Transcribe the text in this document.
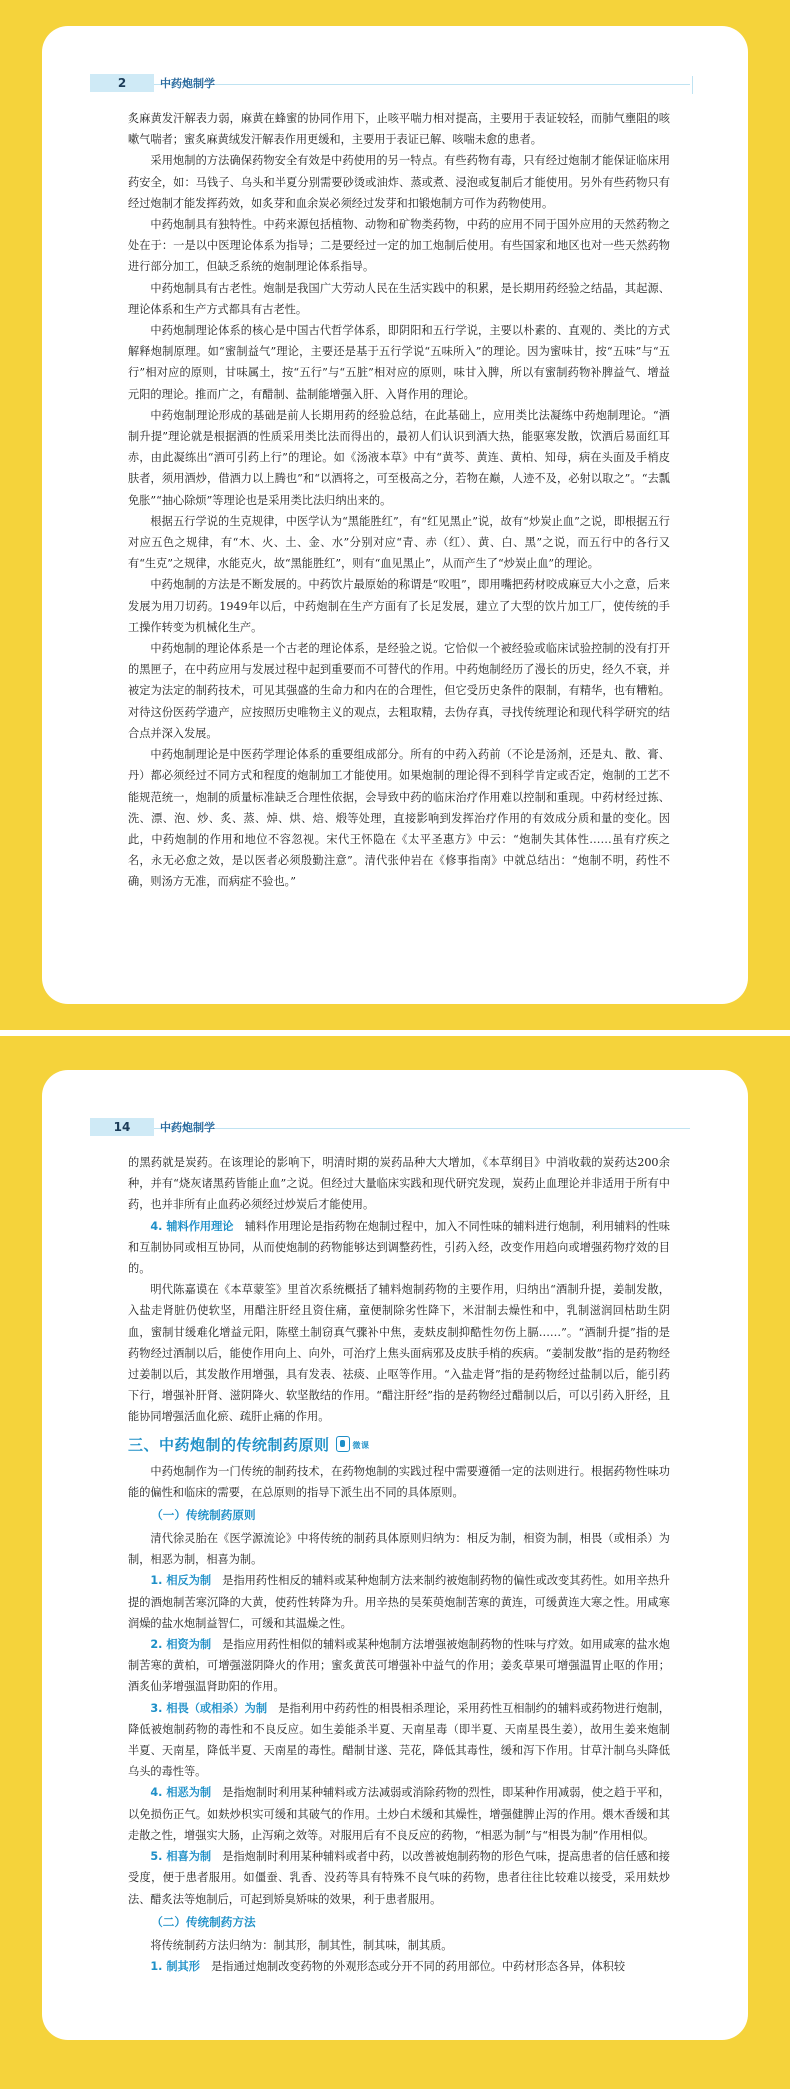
2	中药炮制学

炙麻黄发汗解表力弱，麻黄在蜂蜜的协同作用下，止咳平喘力相对提高，主要用于表证较轻，而肺气壅阻的咳嗽气喘者；蜜炙麻黄绒发汗解表作用更缓和，主要用于表证已解、咳喘未愈的患者。

采用炮制的方法确保药物安全有效是中药使用的另一特点。有些药物有毒，只有经过炮制才能保证临床用药安全，如：马钱子、乌头和半夏分别需要砂烫或油炸、蒸或煮、浸泡或复制后才能使用。另外有些药物只有经过炮制才能发挥药效，如炙芽和血余炭必须经过发芽和扣锻炮制方可作为药物使用。

中药炮制具有独特性。中药来源包括植物、动物和矿物类药物，中药的应用不同于国外应用的天然药物之处在于：一是以中医理论体系为指导；二是要经过一定的加工炮制后使用。有些国家和地区也对一些天然药物进行部分加工，但缺乏系统的炮制理论体系指导。

中药炮制具有古老性。炮制是我国广大劳动人民在生活实践中的积累，是长期用药经验之结晶，其起源、理论体系和生产方式都具有古老性。

中药炮制理论体系的核心是中国古代哲学体系，即阴阳和五行学说，主要以朴素的、直观的、类比的方式解释炮制原理。如“蜜制益气”理论，主要还是基于五行学说“五味所入”的理论。因为蜜味甘，按“五味”与“五行”相对应的原则，甘味属土，按“五行”与“五脏”相对应的原则，味甘入脾，所以有蜜制药物补脾益气、增益元阳的理论。推而广之，有醋制、盐制能增强入肝、入肾作用的理论。

中药炮制理论形成的基础是前人长期用药的经验总结，在此基础上，应用类比法凝练中药炮制理论。“酒制升提”理论就是根据酒的性质采用类比法而得出的，最初人们认识到酒大热，能驱寒发散，饮酒后易面红耳赤，由此凝练出“酒可引药上行”的理论。如《汤液本草》中有“黄芩、黄连、黄柏、知母，病在头面及手梢皮肤者，须用酒炒，借酒力以上腾也”和“以酒将之，可至极高之分，若物在巅，人迹不及，必射以取之”。“去瓢免胀”“抽心除烦”等理论也是采用类比法归纳出来的。

根据五行学说的生克规律，中医学认为“黑能胜红”，有“红见黑止”说，故有“炒炭止血”之说，即根据五行对应五色之规律，有“木、火、土、金、水”分别对应“青、赤（红）、黄、白、黑”之说，而五行中的各行又有“生克”之规律，水能克火，故“黑能胜红”，则有“血见黑止”，从而产生了“炒炭止血”的理论。

中药炮制的方法是不断发展的。中药饮片最原始的称谓是“㕮咀”，即用嘴把药材咬成麻豆大小之意，后来发展为用刀切药。1949年以后，中药炮制在生产方面有了长足发展，建立了大型的饮片加工厂，使传统的手工操作转变为机械化生产。

中药炮制的理论体系是一个古老的理论体系，是经验之说。它恰似一个被经验或临床试验控制的没有打开的黑匣子，在中药应用与发展过程中起到重要而不可替代的作用。中药炮制经历了漫长的历史，经久不衰，并被定为法定的制药技术，可见其强盛的生命力和内在的合理性，但它受历史条件的限制，有精华，也有糟粕。对待这份医药学遗产，应按照历史唯物主义的观点，去粗取精，去伪存真，寻找传统理论和现代科学研究的结合点并深入发展。

中药炮制理论是中医药学理论体系的重要组成部分。所有的中药入药前（不论是汤剂，还是丸、散、膏、丹）都必须经过不同方式和程度的炮制加工才能使用。如果炮制的理论得不到科学肯定或否定，炮制的工艺不能规范统一，炮制的质量标准缺乏合理性依据，会导致中药的临床治疗作用难以控制和重现。中药材经过拣、洗、漂、泡、炒、炙、蒸、焯、烘、焙、煅等处理，直接影响到发挥治疗作用的有效成分质和量的变化。因此，中药炮制的作用和地位不容忽视。宋代王怀隐在《太平圣惠方》中云：“炮制失其体性……虽有疗疾之名，永无必愈之效，是以医者必须殷勤注意”。清代张仲岩在《修事指南》中就总结出：“炮制不明，药性不确，则汤方无准，而病症不验也。”

14	中药炮制学

的黑药就是炭药。在该理论的影响下，明清时期的炭药品种大大增加，《本草纲目》中消收载的炭药达200余种，并有“烧灰诸黑药皆能止血”之说。但经过大量临床实践和现代研究发现，炭药止血理论并非适用于所有中药，也并非所有止血药必须经过炒炭后才能使用。

4. 辅料作用理论　 辅料作用理论是指药物在炮制过程中，加入不同性味的辅料进行炮制，利用辅料的性味和互制协同或相互协同，从而使炮制的药物能够达到调整药性，引药入经，改变作用趋向或增强药物疗效的目的。

明代陈嘉谟在《本草蒙筌》里首次系统概括了辅料炮制药物的主要作用，归纳出“酒制升提，姜制发散，入盐走肾脏仍使软坚，用醋注肝经且资住痛，童便制除劣性降下，米泔制去燥性和中，乳制滋润回枯助生阴血，蜜制甘缓难化增益元阳，陈壁土制窃真气骤补中焦，麦麸皮制抑酷性勿伤上膈……”。“酒制升提”指的是药物经过酒制以后，能使作用向上、向外，可治疗上焦头面病邪及皮肤手梢的疾病。“姜制发散”指的是药物经过姜制以后，其发散作用增强，具有发表、祛痰、止呕等作用。“入盐走肾”指的是药物经过盐制以后，能引药下行，增强补肝肾、滋阴降火、软坚散结的作用。“醋注肝经”指的是药物经过醋制以后，可以引药入肝经，且能协同增强活血化瘀、疏肝止痛的作用。

三、中药炮制的传统制药原则	微课

中药炮制作为一门传统的制药技术，在药物炮制的实践过程中需要遵循一定的法则进行。根据药物性味功能的偏性和临床的需要，在总原则的指导下派生出不同的具体原则。

（一）传统制药原则

清代徐灵胎在《医学源流论》中将传统的制药具体原则归纳为：相反为制，相资为制，相畏（或相杀）为制，相恶为制，相喜为制。

1. 相反为制　 是指用药性相反的辅料或某种炮制方法来制约被炮制药物的偏性或改变其药性。如用辛热升提的酒炮制苦寒沉降的大黄，使药性转降为升。用辛热的吴茱萸炮制苦寒的黄连，可缓黄连大寒之性。用咸寒润燥的盐水炮制益智仁，可缓和其温燥之性。

2. 相资为制　 是指应用药性相似的辅料或某种炮制方法增强被炮制药物的性味与疗效。如用咸寒的盐水炮制苦寒的黄柏，可增强滋阴降火的作用；蜜炙黄芪可增强补中益气的作用；姜炙草果可增强温胃止呕的作用；酒炙仙茅增强温肾助阳的作用。

3. 相畏（或相杀）为制　 是指利用中药药性的相畏相杀理论，采用药性互相制约的辅料或药物进行炮制，降低被炮制药物的毒性和不良反应。如生姜能杀半夏、天南星毒（即半夏、天南星畏生姜），故用生姜来炮制半夏、天南星，降低半夏、天南星的毒性。醋制甘遂、芫花，降低其毒性，缓和泻下作用。甘草汁制乌头降低乌头的毒性等。

4. 相恶为制　 是指炮制时利用某种辅料或方法减弱或消除药物的烈性，即某种作用减弱，使之趋于平和，以免损伤正气。如麸炒枳实可缓和其破气的作用。土炒白术缓和其燥性，增强健脾止泻的作用。煨木香缓和其走散之性，增强实大肠，止泻痢之效等。对服用后有不良反应的药物，“相恶为制”与“相畏为制”作用相似。

5. 相喜为制　 是指炮制时利用某种辅料或者中药，以改善被炮制药物的形色气味，提高患者的信任感和接受度，便于患者服用。如僵蚕、乳香、没药等具有特殊不良气味的药物，患者往往比较难以接受，采用麸炒法、醋炙法等炮制后，可起到矫臭矫味的效果，利于患者服用。

（二）传统制药方法

将传统制药方法归纳为：制其形，制其性，制其味，制其质。

1. 制其形　 是指通过炮制改变药物的外观形态或分开不同的药用部位。中药材形态各异，体积较
